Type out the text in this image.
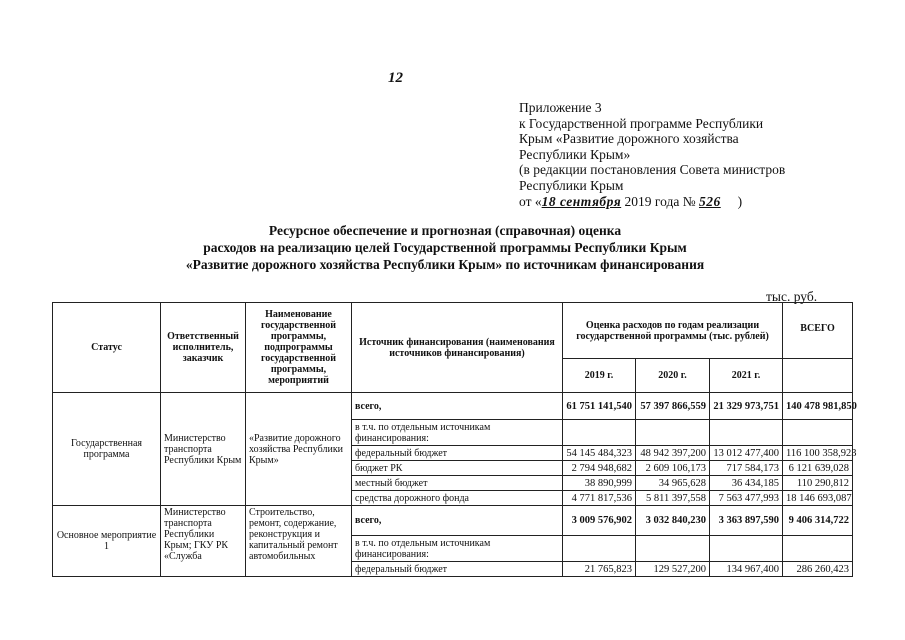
12
Приложение 3
к Государственной программе Республики
Крым «Развитие дорожного хозяйства
Республики Крым»
(в редакции постановления Совета министров
Республики Крым
от «18 сентября 2019 года № 526 )
Ресурсное обеспечение и прогнозная (справочная) оценка
расходов на реализацию целей Государственной программы Республики Крым
«Развитие дорожного хозяйства Республики Крым» по источникам финансирования
тыс. руб.
Статус	Ответственный исполнитель, заказчик	Наименование государственной программы, подпрограммы государственной программы, мероприятий	Источник финансирования (наименования источников финансирования)	Оценка расходов по годам реализации государственной программы (тыс. рублей)			ВСЕГО
				2019 г.	2020 г.	2021 г.	
Государственная программа	Министерство транспорта Республики Крым	«Развитие дорожного хозяйства Республики Крым»	всего,	61 751 141,540	57 397 866,559	21 329 973,751	140 478 981,850
			в т.ч. по отдельным источникам финансирования:				
			федеральный бюджет	54 145 484,323	48 942 397,200	13 012 477,400	116 100 358,923
			бюджет РК	2 794 948,682	2 609 106,173	717 584,173	6 121 639,028
			местный бюджет	38 890,999	34 965,628	36 434,185	110 290,812
			средства дорожного фонда	4 771 817,536	5 811 397,558	7 563 477,993	18 146 693,087
Основное мероприятие 1	Министерство транспорта Республики Крым; ГКУ РК «Служба	Строительство, ремонт, содержание, реконструкция и капитальный ремонт автомобильных	всего,	3 009 576,902	3 032 840,230	3 363 897,590	9 406 314,722
			в т.ч. по отдельным источникам финансирования:				
			федеральный бюджет	21 765,823	129 527,200	134 967,400	286 260,423
